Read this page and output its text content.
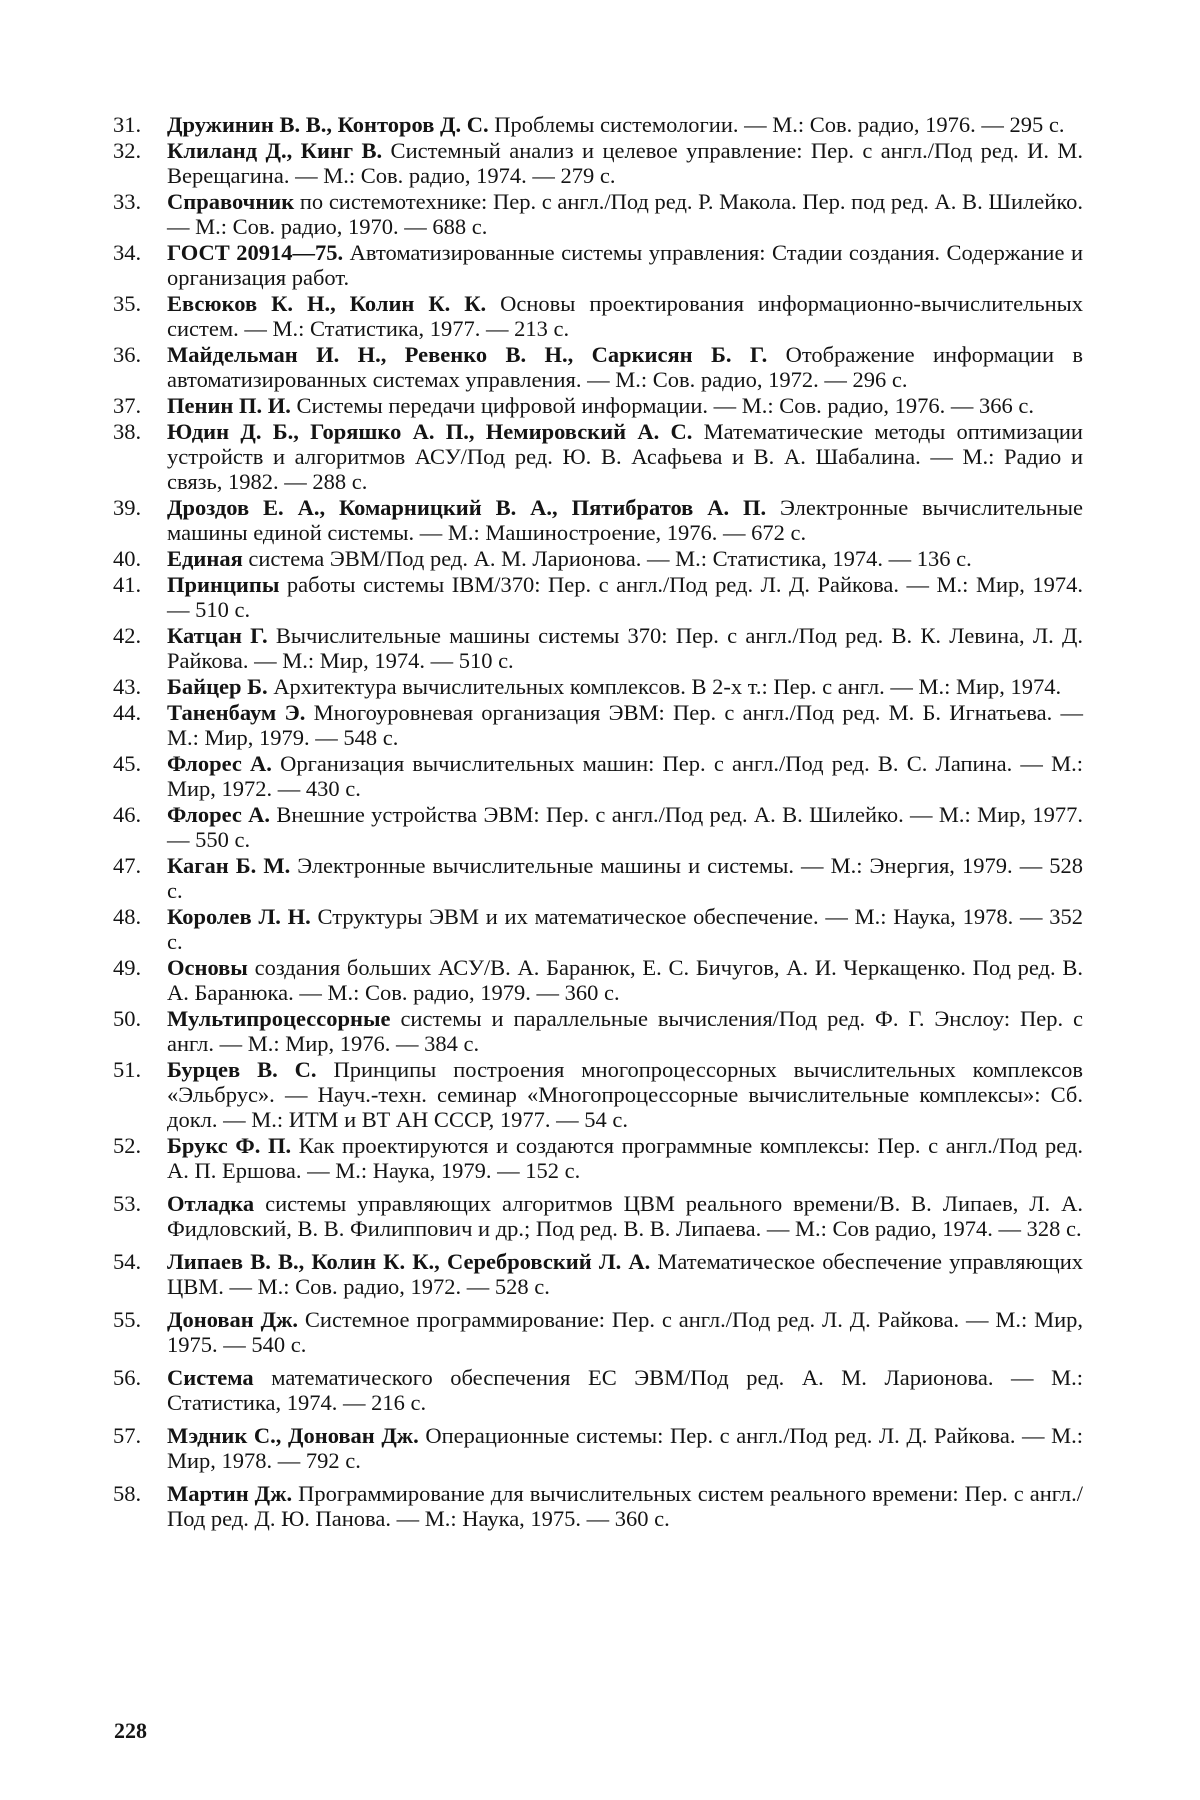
31.	Дружинин В. В., Конторов Д. С. Проблемы системологии. — М.: Сов. радио, 1976. — 295 с.
32.	Клиланд Д., Кинг В. Системный анализ и целевое управление: Пер. с англ./Под ред. И. М. Верещагина. — М.: Сов. радио, 1974. — 279 с.
33.	Справочник по системотехнике: Пер. с англ./Под ред. Р. Макола. Пер. под ред. А. В. Шилейко. — М.: Сов. радио, 1970. — 688 с.
34.	ГОСТ 20914—75. Автоматизированные системы управления: Стадии создания. Содержание и организация работ.
35.	Евсюков К. Н., Колин К. К. Основы проектирования информационно-вычислительных систем. — М.: Статистика, 1977. — 213 с.
36.	Майдельман И. Н., Ревенко В. Н., Саркисян Б. Г. Отображение информации в автоматизированных системах управления. — М.: Сов. радио, 1972. — 296 с.
37.	Пенин П. И. Системы передачи цифровой информации. — М.: Сов. радио, 1976. — 366 с.
38.	Юдин Д. Б., Горяшко А. П., Немировский А. С. Математические методы оптимизации устройств и алгоритмов АСУ/Под ред. Ю. В. Асафьева и В. А. Шабалина. — М.: Радио и связь, 1982. — 288 с.
39.	Дроздов Е. А., Комарницкий В. А., Пятибратов А. П. Электронные вычислительные машины единой системы. — М.: Машиностроение, 1976. — 672 с.
40.	Единая система ЭВМ/Под ред. А. М. Ларионова. — М.: Статистика, 1974. — 136 с.
41.	Принципы работы системы IBM/370: Пер. с англ./Под ред. Л. Д. Райкова. — М.: Мир, 1974. — 510 с.
42.	Катцан Г. Вычислительные машины системы 370: Пер. с англ./Под ред. В. К. Левина, Л. Д. Райкова. — М.: Мир, 1974. — 510 с.
43.	Байцер Б. Архитектура вычислительных комплексов. В 2-х т.: Пер. с англ. — М.: Мир, 1974.
44.	Таненбаум Э. Многоуровневая организация ЭВМ: Пер. с англ./Под ред. М. Б. Игнатьева. — М.: Мир, 1979. — 548 с.
45.	Флорес А. Организация вычислительных машин: Пер. с англ./Под ред. В. С. Лапина. — М.: Мир, 1972. — 430 с.
46.	Флорес А. Внешние устройства ЭВМ: Пер. с англ./Под ред. А. В. Шилейко. — М.: Мир, 1977. — 550 с.
47.	Каган Б. М. Электронные вычислительные машины и системы. — М.: Энергия, 1979. — 528 с.
48.	Королев Л. Н. Структуры ЭВМ и их математическое обеспечение. — М.: Наука, 1978. — 352 с.
49.	Основы создания больших АСУ/В. А. Баранюк, Е. С. Бичугов, А. И. Черкащенко. Под ред. В. А. Баранюка. — М.: Сов. радио, 1979. — 360 с.
50.	Мультипроцессорные системы и параллельные вычисления/Под ред. Ф. Г. Энслоу: Пер. с англ. — М.: Мир, 1976. — 384 с.
51.	Бурцев В. С. Принципы построения многопроцессорных вычислительных комплексов «Эльбрус». — Науч.-техн. семинар «Многопроцессорные вычислительные комплексы»: Сб. докл. — М.: ИТМ и ВТ АН СССР, 1977. — 54 с.
52.	Брукс Ф. П. Как проектируются и создаются программные комплексы: Пер. с англ./Под ред. А. П. Ершова. — М.: Наука, 1979. — 152 с.
53.	Отладка системы управляющих алгоритмов ЦВМ реального времени/В. В. Липаев, Л. А. Фидловский, В. В. Филиппович и др.; Под ред. В. В. Липаева. — М.: Сов радио, 1974. — 328 с.
54.	Липаев В. В., Колин К. К., Серебровский Л. А. Математическое обеспечение управляющих ЦВМ. — М.: Сов. радио, 1972. — 528 с.
55.	Донован Дж. Системное программирование: Пер. с англ./Под ред. Л. Д. Райкова. — М.: Мир, 1975. — 540 с.
56.	Система математического обеспечения ЕС ЭВМ/Под ред. А. М. Ларионова. — М.: Статистика, 1974. — 216 с.
57.	Мэдник С., Донован Дж. Операционные системы: Пер. с англ./Под ред. Л. Д. Райкова. — М.: Мир, 1978. — 792 с.
58.	Мартин Дж. Программирование для вычислительных систем реального времени: Пер. с англ./Под ред. Д. Ю. Панова. — М.: Наука, 1975. — 360 с.
228
